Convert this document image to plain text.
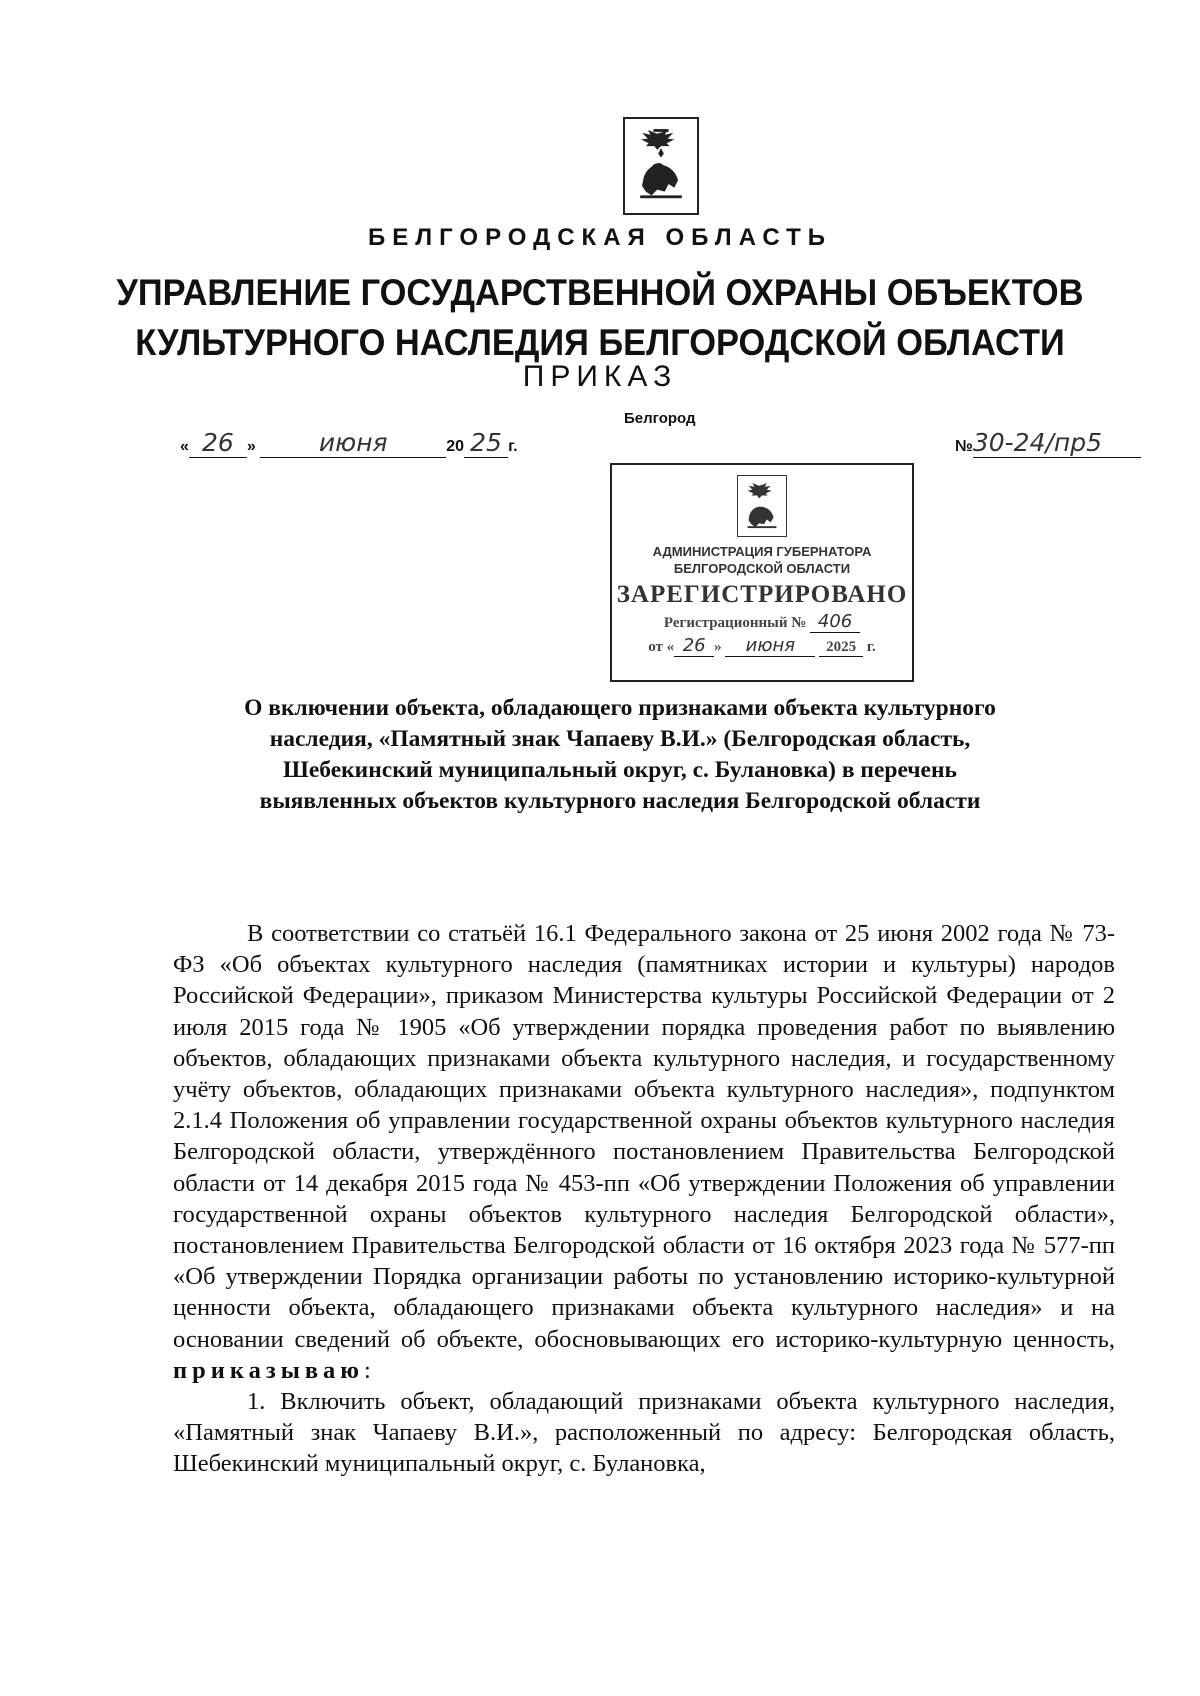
БЕЛГОРОДСКАЯ ОБЛАСТЬ
УПРАВЛЕНИЕ ГОСУДАРСТВЕННОЙ ОХРАНЫ ОБЪЕКТОВ
КУЛЬТУРНОГО НАСЛЕДИЯ БЕЛГОРОДСКОЙ ОБЛАСТИ
ПРИКАЗ
Белгород
« 26 »	июня	20 25 г.	№30-24/пр5
АДМИНИСТРАЦИЯ ГУБЕРНАТОРА
БЕЛГОРОДСКОЙ ОБЛАСТИ
ЗАРЕГИСТРИРОВАНО
Регистрационный № 406
от « 26 » июня 2025 г.
О включении объекта, обладающего признаками объекта культурного
наследия, «Памятный знак Чапаеву В.И.» (Белгородская область,
Шебекинский муниципальный округ, с. Булановка) в перечень
выявленных объектов культурного наследия Белгородской области

В соответствии со статьёй 16.1 Федерального закона от 25 июня 2002 года № 73-ФЗ «Об объектах культурного наследия (памятниках истории и культуры) народов Российской Федерации», приказом Министерства культуры Российской Федерации от 2 июля 2015 года № 1905 «Об утверждении порядка проведения работ по выявлению объектов, обладающих признаками объекта культурного наследия, и государственному учёту объектов, обладающих признаками объекта культурного наследия», подпунктом 2.1.4 Положения об управлении государственной охраны объектов культурного наследия Белгородской области, утверждённого постановлением Правительства Белгородской области от 14 декабря 2015 года № 453-пп «Об утверждении Положения об управлении государственной охраны объектов культурного наследия Белгородской области», постановлением Правительства Белгородской области от 16 октября 2023 года № 577-пп «Об утверждении Порядка организации работы по установлению историко-культурной ценности объекта, обладающего признаками объекта культурного наследия» и на основании сведений об объекте, обосновывающих его историко-культурную ценность, приказываю:

1. Включить объект, обладающий признаками объекта культурного наследия, «Памятный знак Чапаеву В.И.», расположенный по адресу: Белгородская область, Шебекинский муниципальный округ, с. Булановка,
